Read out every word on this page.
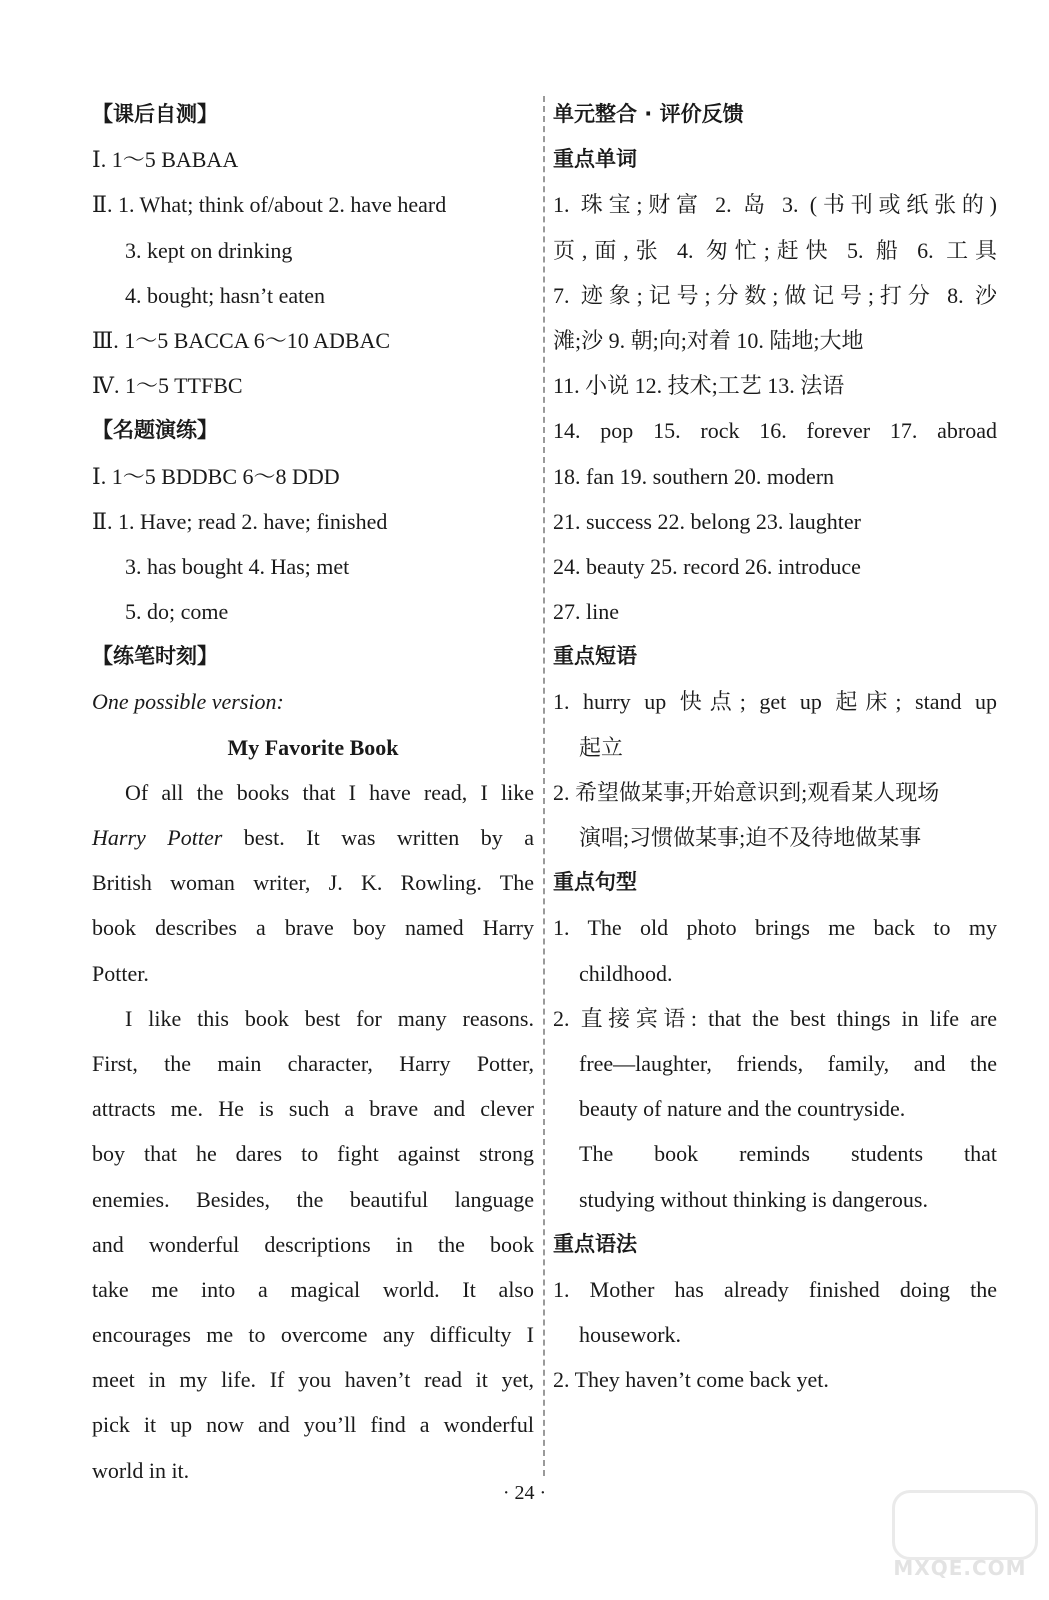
【课后自测】
Ⅰ. 1～5 BABAA
Ⅱ. 1. What; think of/about 2. have heard
3. kept on drinking
4. bought; hasn’t eaten
Ⅲ. 1～5 BACCA 6～10 ADBAC
Ⅳ. 1～5 TTFBC
【名题演练】
Ⅰ. 1～5 BDDBC 6～8 DDD
Ⅱ. 1. Have; read 2. have; finished
3. has bought 4. Has; met
5. do; come
【练笔时刻】
One possible version:
My Favorite Book
Of all the books that I have read, I like
Harry Potter best. It was written by a
British woman writer, J. K. Rowling. The
book describes a brave boy named Harry
Potter.
I like this book best for many reasons.
First, the main character, Harry Potter,
attracts me. He is such a brave and clever
boy that he dares to fight against strong
enemies. Besides, the beautiful language
and wonderful descriptions in the book
take me into a magical world. It also
encourages me to overcome any difficulty I
meet in my life. If you haven’t read it yet,
pick it up now and you’ll find a wonderful
world in it.
单元整合 · 评价反馈
重点单词
1. 珠宝;财富 2. 岛 3. (书刊或纸张的)
页,面,张 4. 匆忙;赶快 5. 船 6. 工具
7. 迹象;记号;分数;做记号;打分 8. 沙
滩;沙 9. 朝;向;对着 10. 陆地;大地
11. 小说 12. 技术;工艺 13. 法语
14. pop 15. rock 16. forever 17. abroad
18. fan 19. southern 20. modern
21. success 22. belong 23. laughter
24. beauty 25. record 26. introduce
27. line
重点短语
1. hurry up 快点; get up 起床; stand up
起立
2. 希望做某事;开始意识到;观看某人现场
演唱;习惯做某事;迫不及待地做某事
重点句型
1. The old photo brings me back to my
childhood.
2. 直接宾语: that the best things in life are
free—laughter, friends, family, and the
beauty of nature and the countryside.
The book reminds students that
studying without thinking is dangerous.
重点语法
1. Mother has already finished doing the
housework.
2. They haven’t come back yet.
· 24 ·
MXQE.COM
